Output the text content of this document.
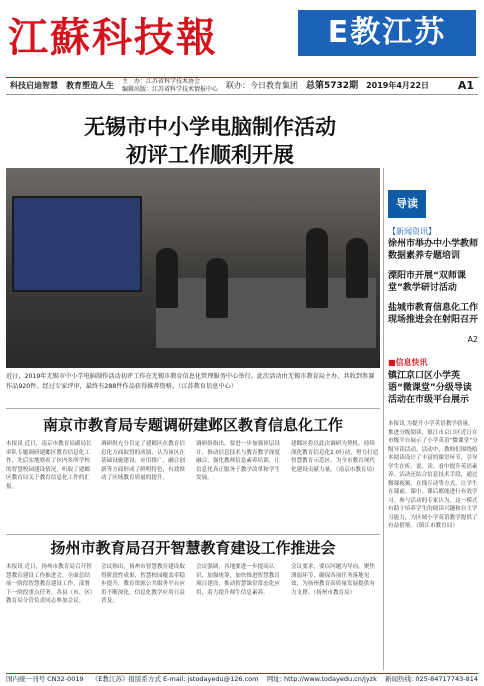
江蘇科技報	E教江苏
科技启迪智慧　教育塑造人生	主　办：江苏省科学技术协会
编辑出版：江苏省科学技术情报中心	联办：今日教育集团 总第5732期	2019年4月22日	A1
无锡市中小学电脑制作活动
初评工作顺利开展
近日，2019年无锡市中小学电脑制作活动初评工作在无锡市教育信息化管理服务中心举行。此次活动由无锡市教育局主办，共收到参赛作品920件。经过专家评审，最终有288件作品获得推荐资格。（江苏教育信息中心）
导读
【新闻资讯】
徐州市举办中小学教师数据素养专题培训
溧阳市开展“双师课堂”教学研讨活动
盐城市教育信息化工作现场推进会在射阳召开
A2
■信息快讯
镇江京口区小学英语“微课堂”分级导读活动在市级平台展示
本报讯 为提升小学英语教学质量，推进分级阅读，镇江市京口区近日在市级平台展示了小学英语“微课堂”分级导读活动。活动中，教师们围绕绘本阅读设计了丰富的课堂环节，引导学生在听、说、读、看中提升英语素养。活动还结合信息技术手段，通过微课视频、在线互动等方式，让学生在课前、课中、课后都能进行有效学习。参与活动的专家认为，这一模式有助于培养学生的阅读兴趣和自主学习能力，为区域小学英语教学提供了有益借鉴。（镇江市教育局）
南京市教育局专题调研建邺区教育信息化工作
本报讯 近日，南京市教育局副局长率队专题调研建邺区教育信息化工作，先后实地察看了区内多所学校的智慧校园建设情况，听取了建邺区教育局关于教育信息化工作的汇报。
调研组充分肯定了建邺区在教育信息化方面取得的成绩，认为该区在基础设施建设、应用推广、融合创新等方面形成了鲜明特色，有效推动了区域教育质量的提升。
调研组指出，要进一步加强顶层设计，推动信息技术与教育教学深度融合，强化教师信息素养培训，让信息化真正服务于教学改革和学生发展。
建邺区将以此次调研为契机，持续深化教育信息化2.0行动，努力打造智慧教育示范区，为全市教育现代化建设贡献力量。（南京市教育局）
扬州市教育局召开智慧教育建设工作推进会
本报讯 近日，扬州市教育局召开智慧教育建设工作推进会，全面总结前一阶段智慧教育建设工作，部署下一阶段重点任务。各县（市、区）教育局分管负责同志参加会议。
会议指出，扬州市智慧教育建设取得阶段性成果，智慧校园覆盖率稳步提升，教育资源公共服务平台应用不断深化，信息化教学应用日益普及。
会议强调，各地要进一步提高认识，加强统筹，加快推进智慧教育项目建设，推动智慧课堂常态化应用，着力提升师生信息素养。
会议要求，要以问题为导向，聚焦薄弱环节，确保各项任务落地见效，为扬州教育高质量发展提供有力支撑。（扬州市教育局）
国内统一刊号 CN32-0019 《E教江苏》报版系方式 E-mail: jstodayedu@126.com 网址: http://www.todayedu.cn/jyzk 新闻热线: 025-84717743-814
